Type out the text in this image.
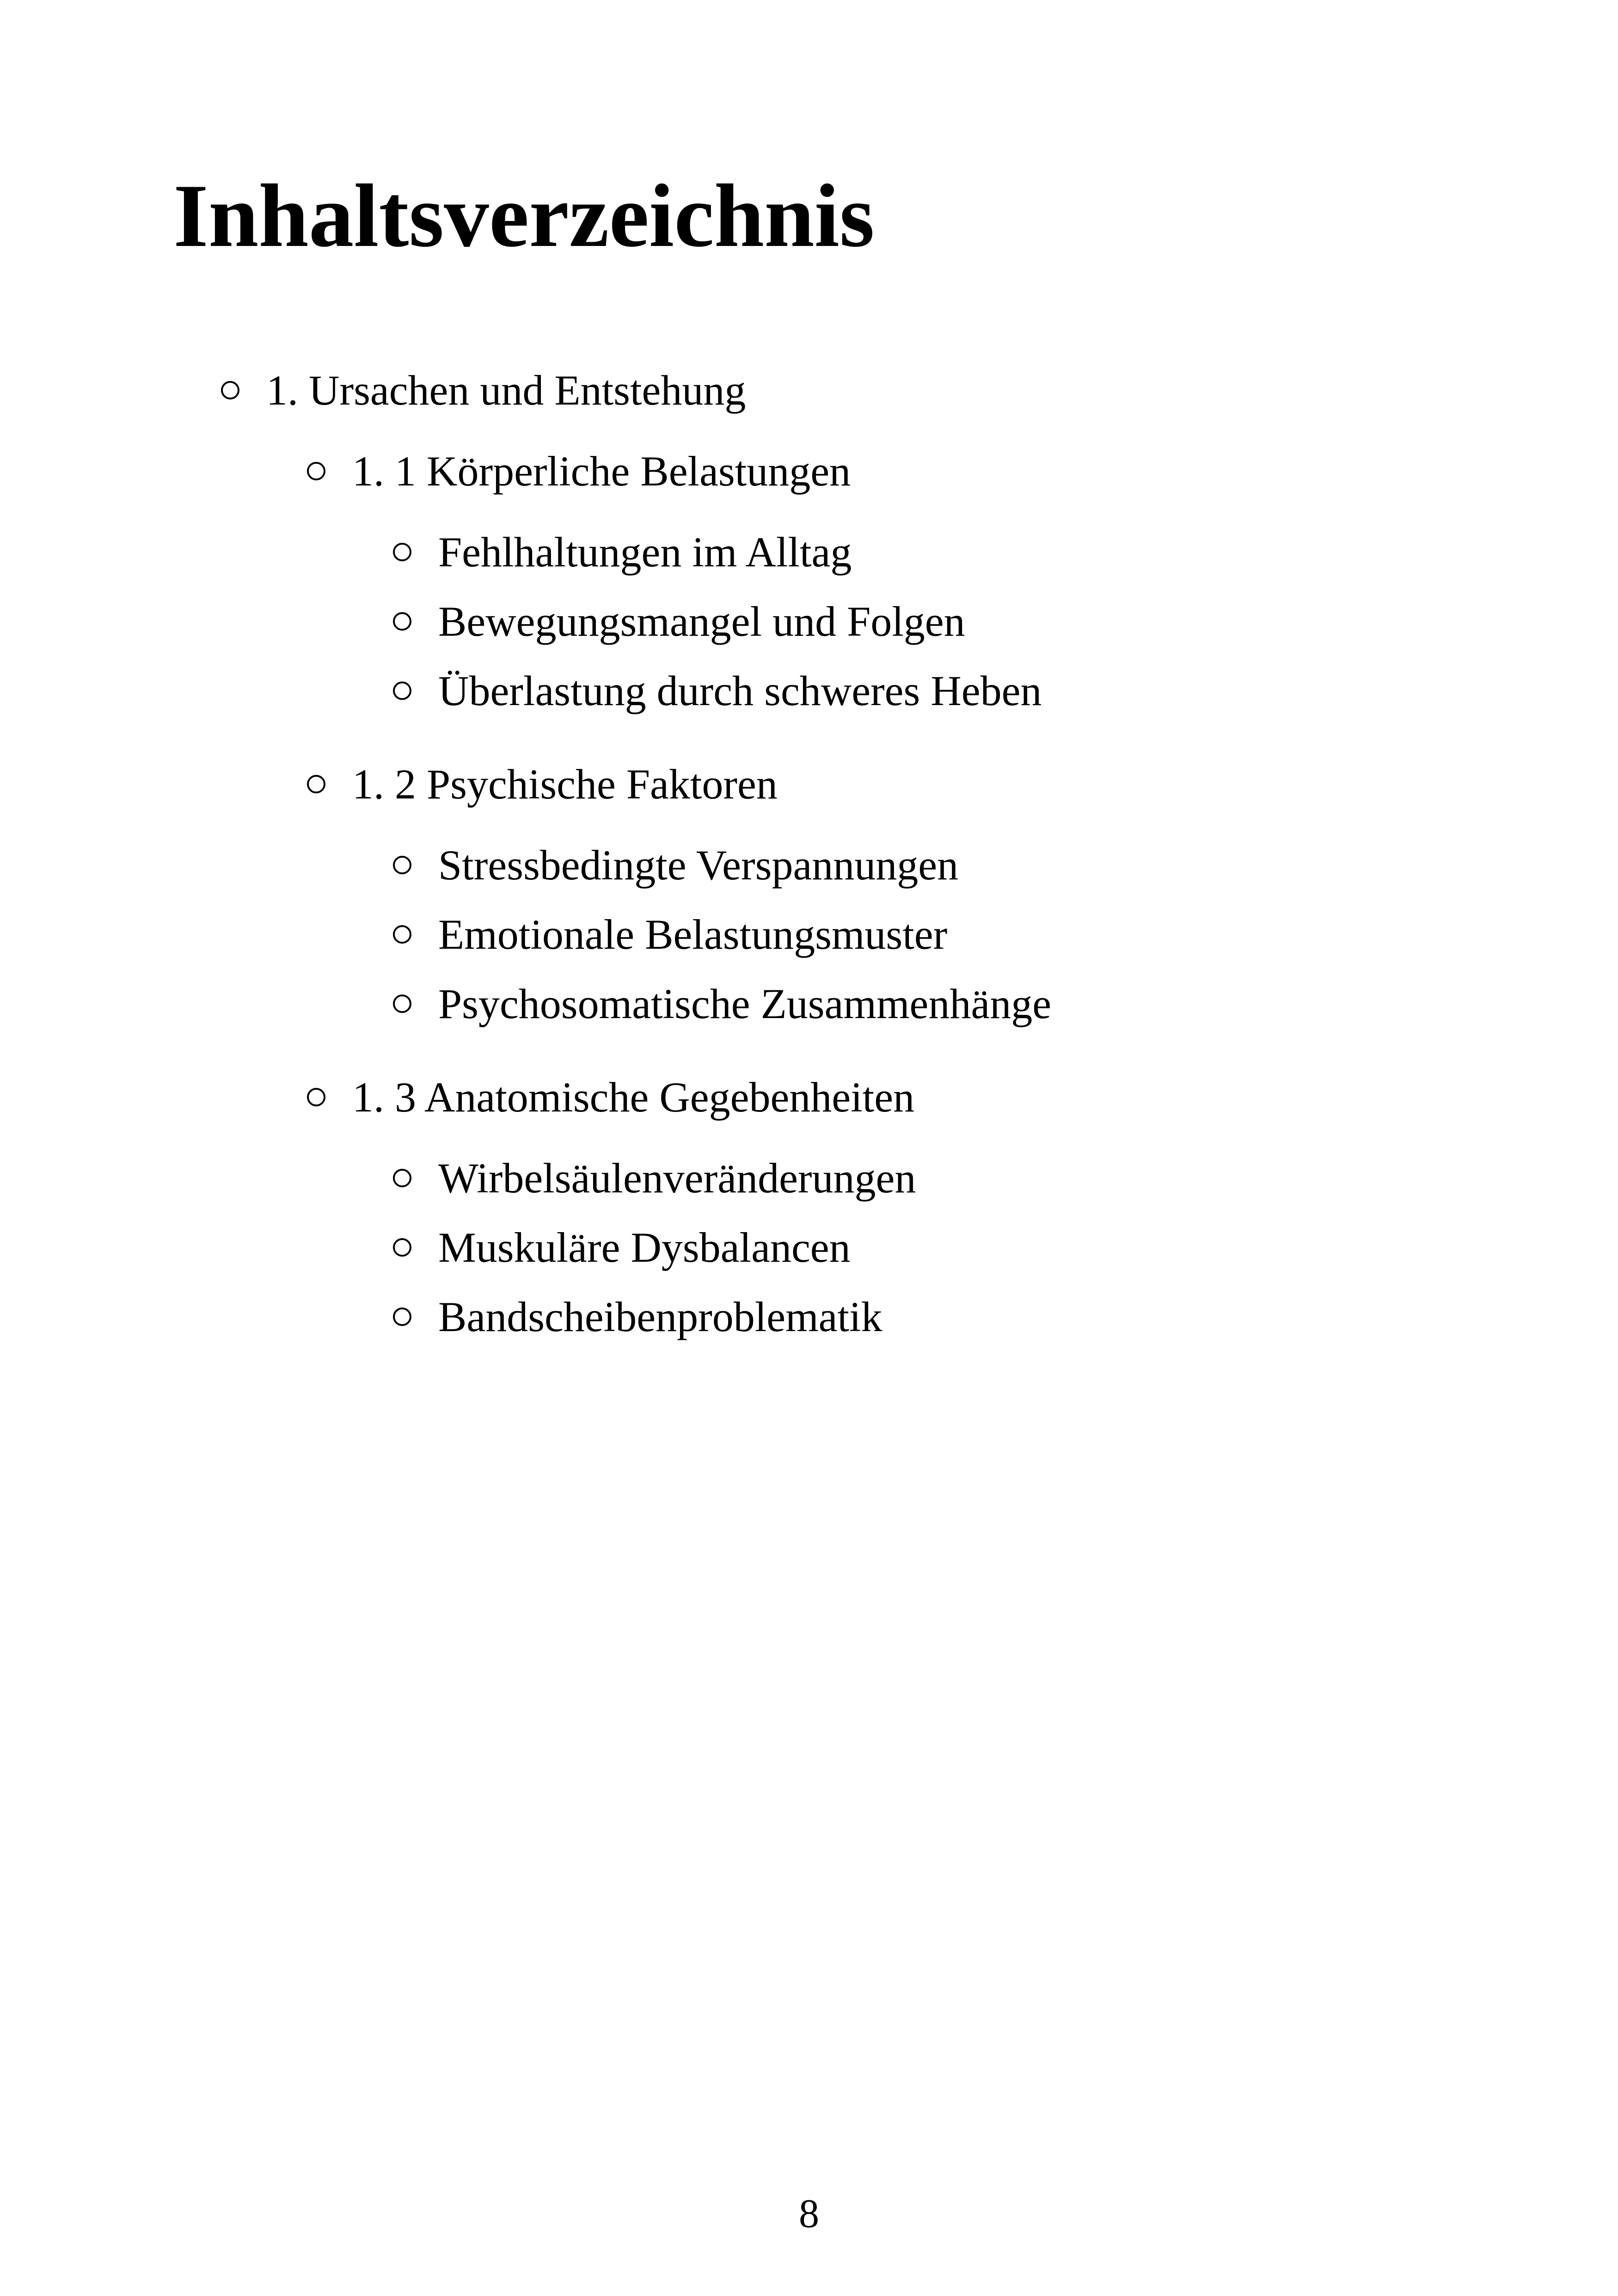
Inhaltsverzeichnis
1. Ursachen und Entstehung
1. 1 Körperliche Belastungen
Fehlhaltungen im Alltag
Bewegungsmangel und Folgen
Überlastung durch schweres Heben
1. 2 Psychische Faktoren
Stressbedingte Verspannungen
Emotionale Belastungsmuster
Psychosomatische Zusammenhänge
1. 3 Anatomische Gegebenheiten
Wirbelsäulenveränderungen
Muskuläre Dysbalancen
Bandscheibenproblematik
8
